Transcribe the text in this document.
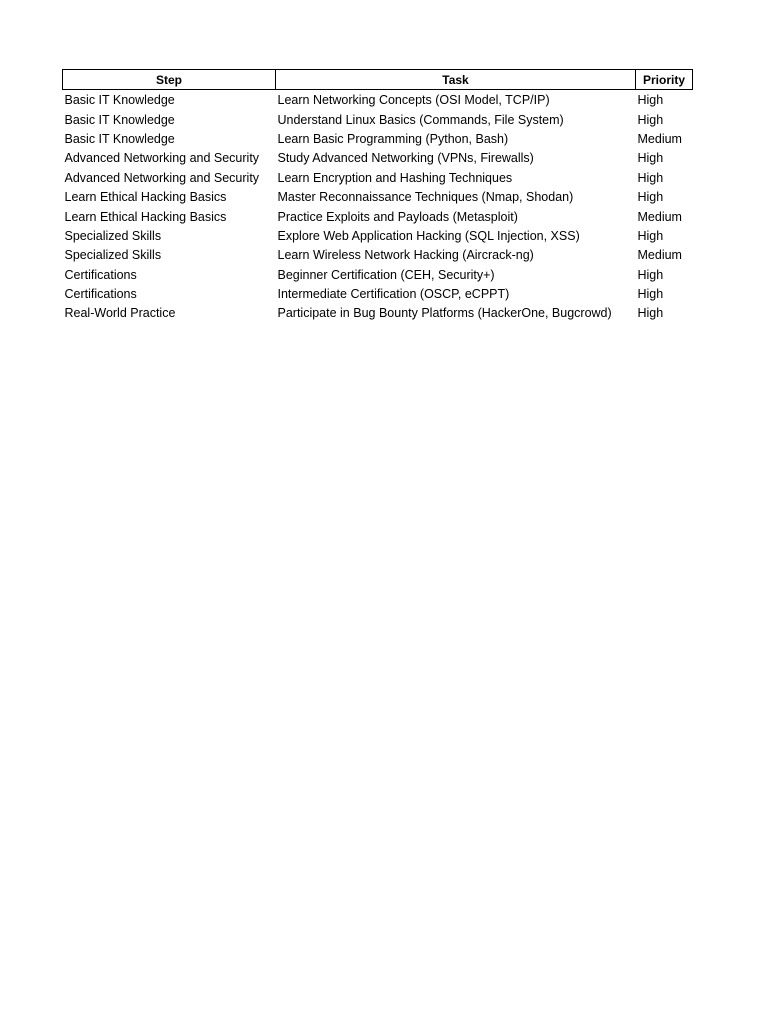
Step	Task	Priority
Basic IT Knowledge	Learn Networking Concepts (OSI Model, TCP/IP)	High
Basic IT Knowledge	Understand Linux Basics (Commands, File System)	High
Basic IT Knowledge	Learn Basic Programming (Python, Bash)	Medium
Advanced Networking and Security	Study Advanced Networking (VPNs, Firewalls)	High
Advanced Networking and Security	Learn Encryption and Hashing Techniques	High
Learn Ethical Hacking Basics	Master Reconnaissance Techniques (Nmap, Shodan)	High
Learn Ethical Hacking Basics	Practice Exploits and Payloads (Metasploit)	Medium
Specialized Skills	Explore Web Application Hacking (SQL Injection, XSS)	High
Specialized Skills	Learn Wireless Network Hacking (Aircrack-ng)	Medium
Certifications	Beginner Certification (CEH, Security+)	High
Certifications	Intermediate Certification (OSCP, eCPPT)	High
Real-World Practice	Participate in Bug Bounty Platforms (HackerOne, Bugcrowd)	High
